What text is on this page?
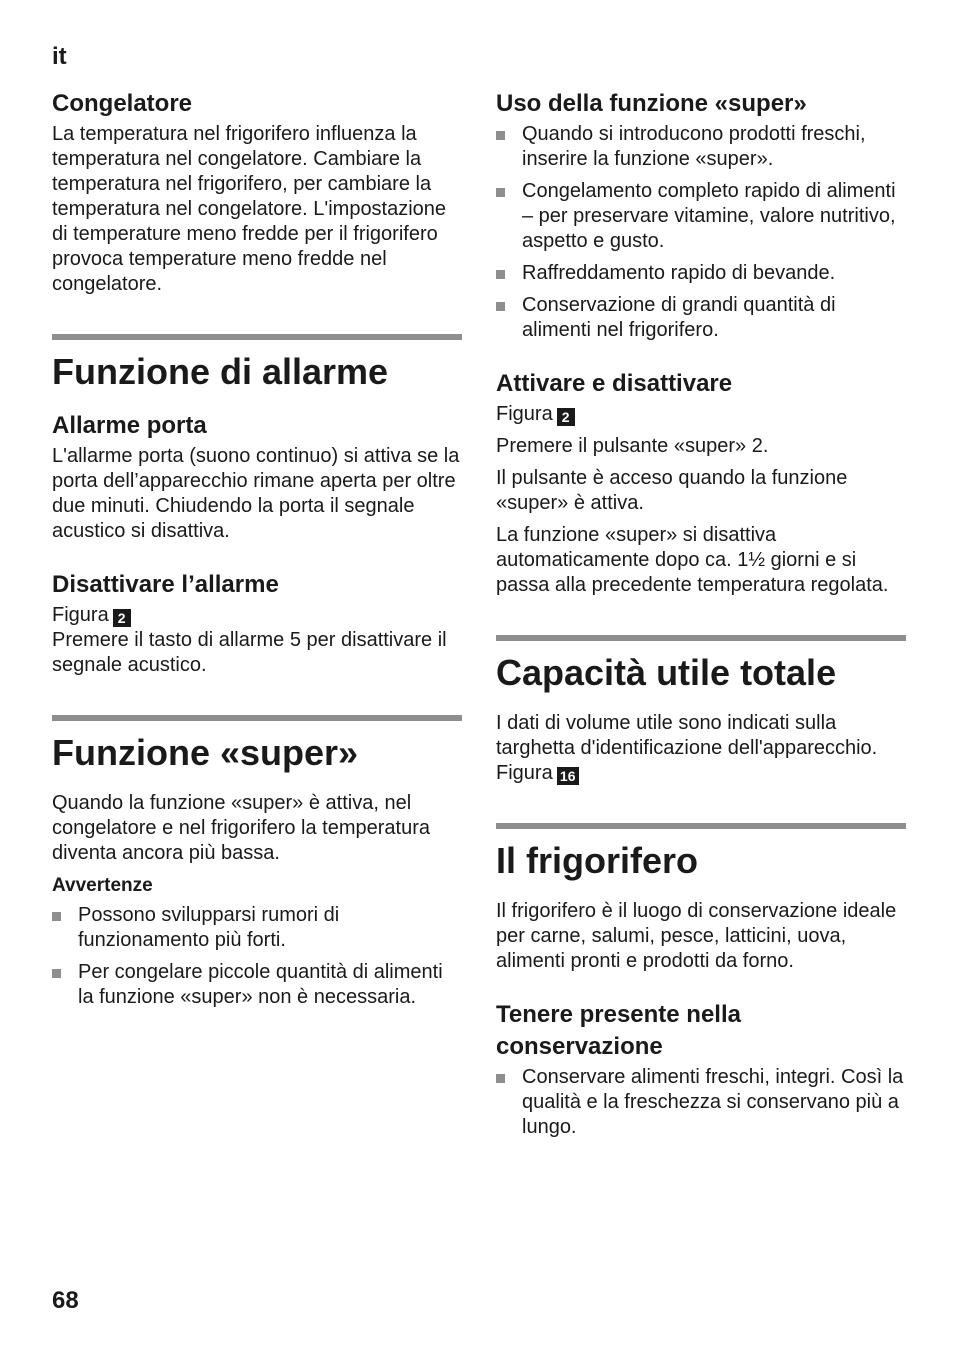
it
Congelatore

La temperatura nel frigorifero influenza la temperatura nel congelatore. Cambiare la temperatura nel frigorifero, per cambiare la temperatura nel congelatore. L'impostazione di temperature meno fredde per il frigorifero provoca temperature meno fredde nel congelatore.

Funzione di allarme
Allarme porta

L'allarme porta (suono continuo) si attiva se la porta dell’apparecchio rimane aperta per oltre due minuti. Chiudendo la porta il segnale acustico si disattiva.

Disattivare l’allarme

Figura 2

Premere il tasto di allarme 5 per disattivare il segnale acustico.

Funzione «super»

Quando la funzione «super» è attiva, nel congelatore e nel frigorifero la temperatura diventa ancora più bassa.

Avvertenze
Possono svilupparsi rumori di funzionamento più forti.
Per congelare piccole quantità di alimenti la funzione «super» non è necessaria.
Uso della funzione «super»
Quando si introducono prodotti freschi, inserire la funzione «super».
Congelamento completo rapido di alimenti – per preservare vitamine, valore nutritivo, aspetto e gusto.
Raffreddamento rapido di bevande.
Conservazione di grandi quantità di alimenti nel frigorifero.
Attivare e disattivare

Figura 2

Premere il pulsante «super» 2.

Il pulsante è acceso quando la funzione «super» è attiva.

La funzione «super» si disattiva automaticamente dopo ca. 1½ giorni e si passa alla precedente temperatura regolata.

Capacità utile totale

I dati di volume utile sono indicati sulla targhetta d'identificazione dell'apparecchio. Figura 16

Il frigorifero

Il frigorifero è il luogo di conservazione ideale per carne, salumi, pesce, latticini, uova, alimenti pronti e prodotti da forno.

Tenere presente nella conservazione
Conservare alimenti freschi, integri. Così la qualità e la freschezza si conservano più a lungo.
68
